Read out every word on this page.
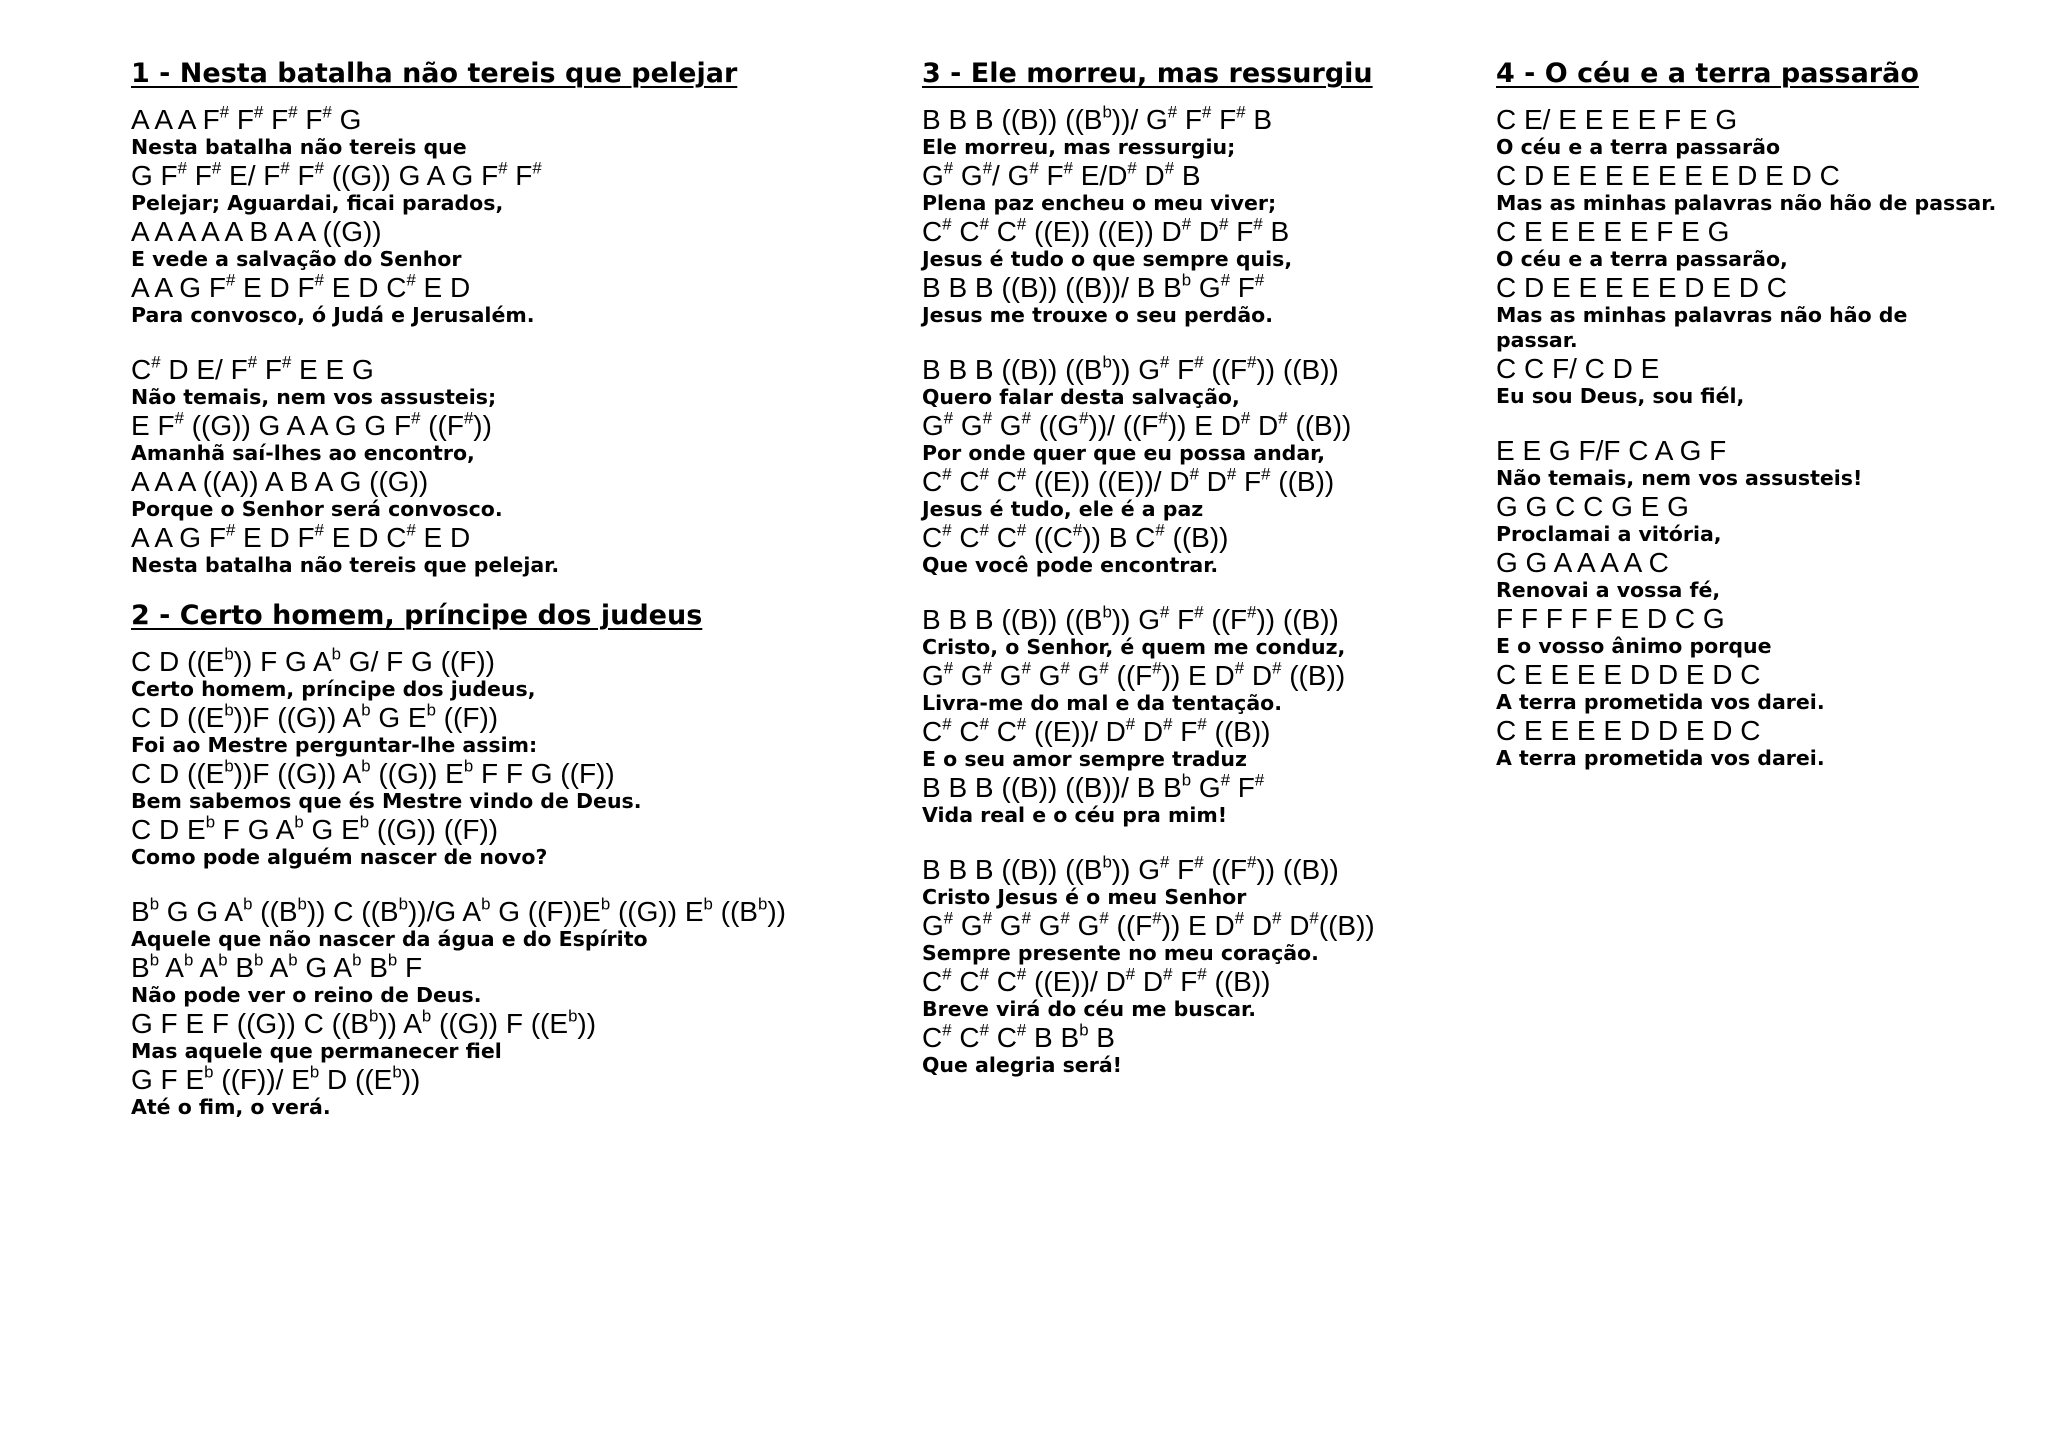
1 - Nesta batalha não tereis que pelejar
A A A F# F# F# F# G
Nesta batalha não tereis que
G F# F# E/ F# F# ((G)) G A G F# F#
Pelejar; Aguardai, ficai parados,
A A A A A B A A ((G))
E vede a salvação do Senhor
A A G F# E D F# E D C# E D
Para convosco, ó Judá e Jerusalém.
C# D E/ F# F# E E G
Não temais, nem vos assusteis;
E F# ((G)) G A A G G F# ((F#))
Amanhã saí-lhes ao encontro,
A A A ((A)) A B A G ((G))
Porque o Senhor será convosco.
A A G F# E D F# E D C# E D
Nesta batalha não tereis que pelejar.
2 - Certo homem, príncipe dos judeus
C D $((E^b))$ F G $A^b$ G/ F G ((F))
Certo homem, príncipe dos judeus,
C D $((E^b))F$ ((G)) $A^b$ G $E^b$ ((F))
Foi ao Mestre perguntar-lhe assim:
C D $((E^b))F$ ((G)) $A^b$ ((G)) $E^b$ F F G ((F))
Bem sabemos que és Mestre vindo de Deus.
C D $E^b$ F G $A^b$ G $E^b$ ((G)) ((F))
Como pode alguém nascer de novo?
$B^b$ G G $A^b$ $((B^b))$ C $((B^b))/G$ $A^b$ G $((F))E^b$ ((G)) $E^b$ $((B^b))$
Aquele que não nascer da água e do Espírito
$B^b$ $A^b$ $A^b$ $B^b$ $A^b$ G $A^b$ $B^b$ F
Não pode ver o reino de Deus.
G F E F ((G)) C $((B^b))$ $A^b$ ((G)) F $((E^b))$
Mas aquele que permanecer fiel
G F $E^b$ ((F))/ $E^b$ D $((E^b))$
Até o fim, o verá.
3 - Ele morreu, mas ressurgiu
B B B ((B)) $((B^b))/$ G# F# F# B
Ele morreu, mas ressurgiu;
G# G#/ G# F# E/D# D# B
Plena paz encheu o meu viver;
C# C# C# ((E)) ((E)) D# D# F# B
Jesus é tudo o que sempre quis,
B B B ((B)) ((B))/ B $B^b$ G# F#
Jesus me trouxe o seu perdão.
B B B ((B)) $((B^b))$ G# F# ((F#)) ((B))
Quero falar desta salvação,
G# G# G# ((G#))/ ((F#)) E D# D# ((B))
Por onde quer que eu possa andar,
C# C# C# ((E)) ((E))/ D# D# F# ((B))
Jesus é tudo, ele é a paz
C# C# C# ((C#)) B C# ((B))
Que você pode encontrar.
B B B ((B)) $((B^b))$ G# F# ((F#)) ((B))
Cristo, o Senhor, é quem me conduz,
G# G# G# G# G# ((F#)) E D# D# ((B))
Livra-me do mal e da tentação.
C# C# C# ((E))/ D# D# F# ((B))
E o seu amor sempre traduz
B B B ((B)) ((B))/ B $B^b$ G# F#
Vida real e o céu pra mim!
B B B ((B)) $((B^b))$ G# F# ((F#)) ((B))
Cristo Jesus é o meu Senhor
G# G# G# G# G# ((F#)) E D# D# D#((B))
Sempre presente no meu coração.
C# C# C# ((E))/ D# D# F# ((B))
Breve virá do céu me buscar.
C# C# C# B $B^b$ B
Que alegria será!
4 - O céu e a terra passarão
C E/ E E E E F E G
O céu e a terra passarão
C D E E E E E E E D E D C
Mas as minhas palavras não hão de passar.
C E E E E E F E G
O céu e a terra passarão,
C D E E E E E D E D C
Mas as minhas palavras não hão de
passar.
C C F/ C D E
Eu sou Deus, sou fiél,
E E G F/F C A G F
Não temais, nem vos assusteis!
G G C C G E G
Proclamai a vitória,
G G A A A A C
Renovai a vossa fé,
F F F F F E D C G
E o vosso ânimo porque
C E E E E D D E D C
A terra prometida vos darei.
C E E E E D D E D C
A terra prometida vos darei.
